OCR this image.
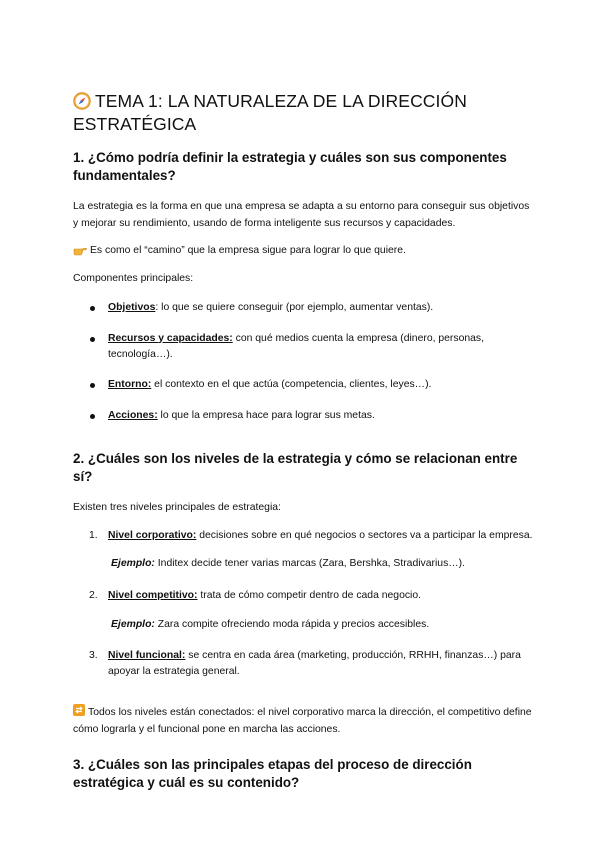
TEMA 1: LA NATURALEZA DE LA DIRECCIÓN ESTRATÉGICA
1. ¿Cómo podría definir la estrategia y cuáles son sus componentes fundamentales?

La estrategia es la forma en que una empresa se adapta a su entorno para conseguir sus objetivos y mejorar su rendimiento, usando de forma inteligente sus recursos y capacidades.

Es como el “camino” que la empresa sigue para lograr lo que quiere.

Componentes principales:

Objetivos: lo que se quiere conseguir (por ejemplo, aumentar ventas).
Recursos y capacidades: con qué medios cuenta la empresa (dinero, personas, tecnología…).
Entorno: el contexto en el que actúa (competencia, clientes, leyes…).
Acciones: lo que la empresa hace para lograr sus metas.
2. ¿Cuáles son los niveles de la estrategia y cómo se relacionan entre sí?

Existen tres niveles principales de estrategia:

1. Nivel corporativo: decisiones sobre en qué negocios o sectores va a participar la empresa.
Ejemplo: Inditex decide tener varias marcas (Zara, Bershka, Stradivarius…).
2. Nivel competitivo: trata de cómo competir dentro de cada negocio.
Ejemplo: Zara compite ofreciendo moda rápida y precios accesibles.
3. Nivel funcional: se centra en cada área (marketing, producción, RRHH, finanzas…) para apoyar la estrategia general.

Todos los niveles están conectados: el nivel corporativo marca la dirección, el competitivo define cómo lograrla y el funcional pone en marcha las acciones.

3. ¿Cuáles son las principales etapas del proceso de dirección estratégica y cuál es su contenido?
